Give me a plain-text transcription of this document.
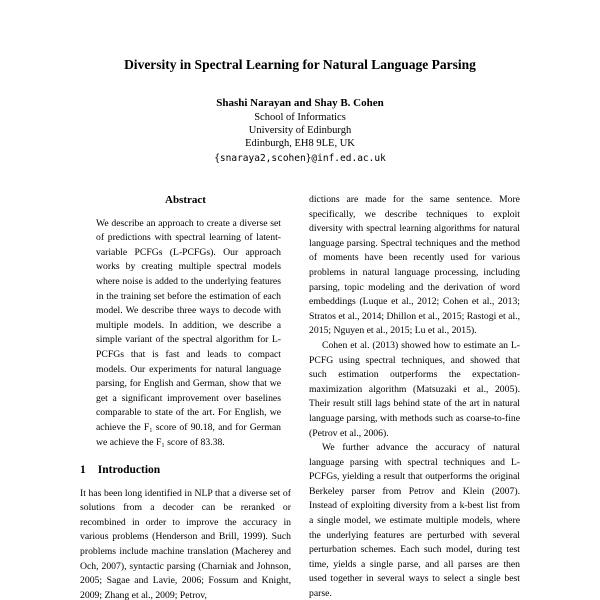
Diversity in Spectral Learning for Natural Language Parsing
Shashi Narayan and Shay B. Cohen
School of Informatics
University of Edinburgh
Edinburgh, EH8 9LE, UK
{snaraya2,scohen}@inf.ed.ac.uk
Abstract
We describe an approach to create a diverse set of predictions with spectral learning of latent-variable PCFGs (L-PCFGs). Our approach works by creating multiple spectral models where noise is added to the underlying features in the training set before the estimation of each model. We describe three ways to decode with multiple models. In addition, we describe a simple variant of the spectral algorithm for L-PCFGs that is fast and leads to compact models. Our experiments for natural language parsing, for English and German, show that we get a significant improvement over baselines comparable to state of the art. For English, we achieve the F₁ score of 90.18, and for German we achieve the F₁ score of 83.38.
1 Introduction

It has been long identified in NLP that a diverse set of solutions from a decoder can be reranked or recombined in order to improve the accuracy in various problems (Henderson and Brill, 1999). Such problems include machine translation (Macherey and Och, 2007), syntactic parsing (Charniak and Johnson, 2005; Sagae and Lavie, 2006; Fossum and Knight, 2009; Zhang et al., 2009; Petrov,

dictions are made for the same sentence. More specifically, we describe techniques to exploit diversity with spectral learning algorithms for natural language parsing. Spectral techniques and the method of moments have been recently used for various problems in natural language processing, including parsing, topic modeling and the derivation of word embeddings (Luque et al., 2012; Cohen et al., 2013; Stratos et al., 2014; Dhillon et al., 2015; Rastogi et al., 2015; Nguyen et al., 2015; Lu et al., 2015).

Cohen et al. (2013) showed how to estimate an L-PCFG using spectral techniques, and showed that such estimation outperforms the expectation-maximization algorithm (Matsuzaki et al., 2005). Their result still lags behind state of the art in natural language parsing, with methods such as coarse-to-fine (Petrov et al., 2006).

We further advance the accuracy of natural language parsing with spectral techniques and L-PCFGs, yielding a result that outperforms the original Berkeley parser from Petrov and Klein (2007). Instead of exploiting diversity from a k-best list from a single model, we estimate multiple models, where the underlying features are perturbed with several perturbation schemes. Each such model, during test time, yields a single parse, and all parses are then used together in several ways to select a single best parse.
